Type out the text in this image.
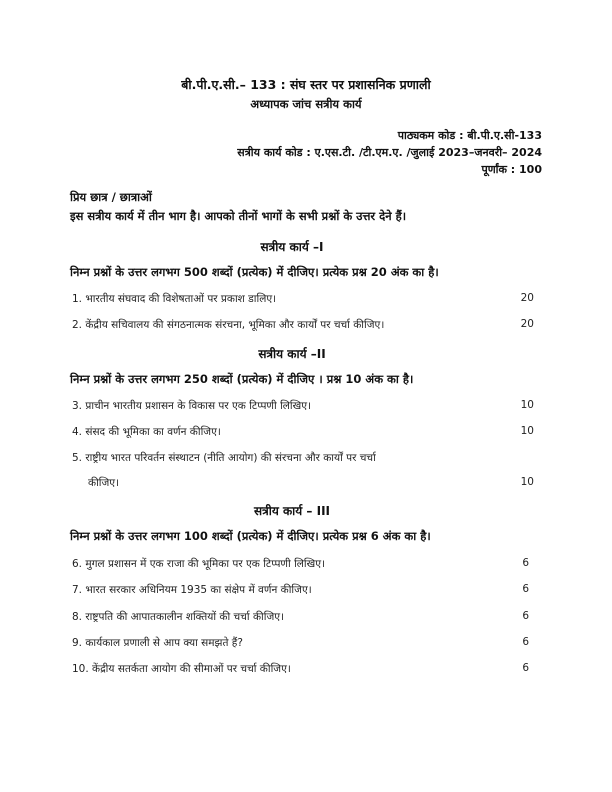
बी.पी.ए.सी.– 133 : संघ स्तर पर प्रशासनिक प्रणाली
अध्यापक जांच सत्रीय कार्य
पाठ्यकम कोड : बी.पी.ए.सी-133
सत्रीय कार्य कोड : ए.एस.टी. /टी.एम.ए. /जुलाई 2023–जनवरी– 2024
पूर्णांक : 100
प्रिय छात्र / छात्राओं
इस सत्रीय कार्य में तीन भाग है। आपको तीनों भागों के सभी प्रश्नों के उत्तर देने हैं।
सत्रीय कार्य –I
निम्न प्रश्नों के उत्तर लगभग 500 शब्दों (प्रत्येक) में दीजिए। प्रत्येक प्रश्न 20 अंक का है।
1. भारतीय संघवाद की विशेषताओं पर प्रकाश डालिए।	20
2. केंद्रीय सचिवालय की संगठनात्मक संरचना, भूमिका और कार्यों पर चर्चा कीजिए।	20
सत्रीय कार्य –II
निम्न प्रश्नों के उत्तर लगभग 250 शब्दों (प्रत्येक) में दीजिए । प्रश्न 10 अंक का है।
3. प्राचीन भारतीय प्रशासन के विकास पर एक टिप्पणी लिखिए।	10
4. संसद की भूमिका का वर्णन कीजिए।	10
5. राष्ट्रीय भारत परिवर्तन संस्थाटन (नीति आयोग) की संरचना और कार्यों पर चर्चा
कीजिए।	10
सत्रीय कार्य – III
निम्न प्रश्नों के उत्तर लगभग 100 शब्दों (प्रत्येक) में दीजिए। प्रत्येक प्रश्न 6 अंक का है।
6. मुगल प्रशासन में एक राजा की भूमिका पर एक टिप्पणी लिखिए।	6
7. भारत सरकार अधिनियम 1935 का संक्षेप में वर्णन कीजिए।	6
8. राष्ट्रपति की आपातकालीन शक्तियों की चर्चा कीजिए।	6
9. कार्यकाल प्रणाली से आप क्या समझते हैं?	6
10. केंद्रीय सतर्कता आयोग की सीमाओं पर चर्चा कीजिए।	6
